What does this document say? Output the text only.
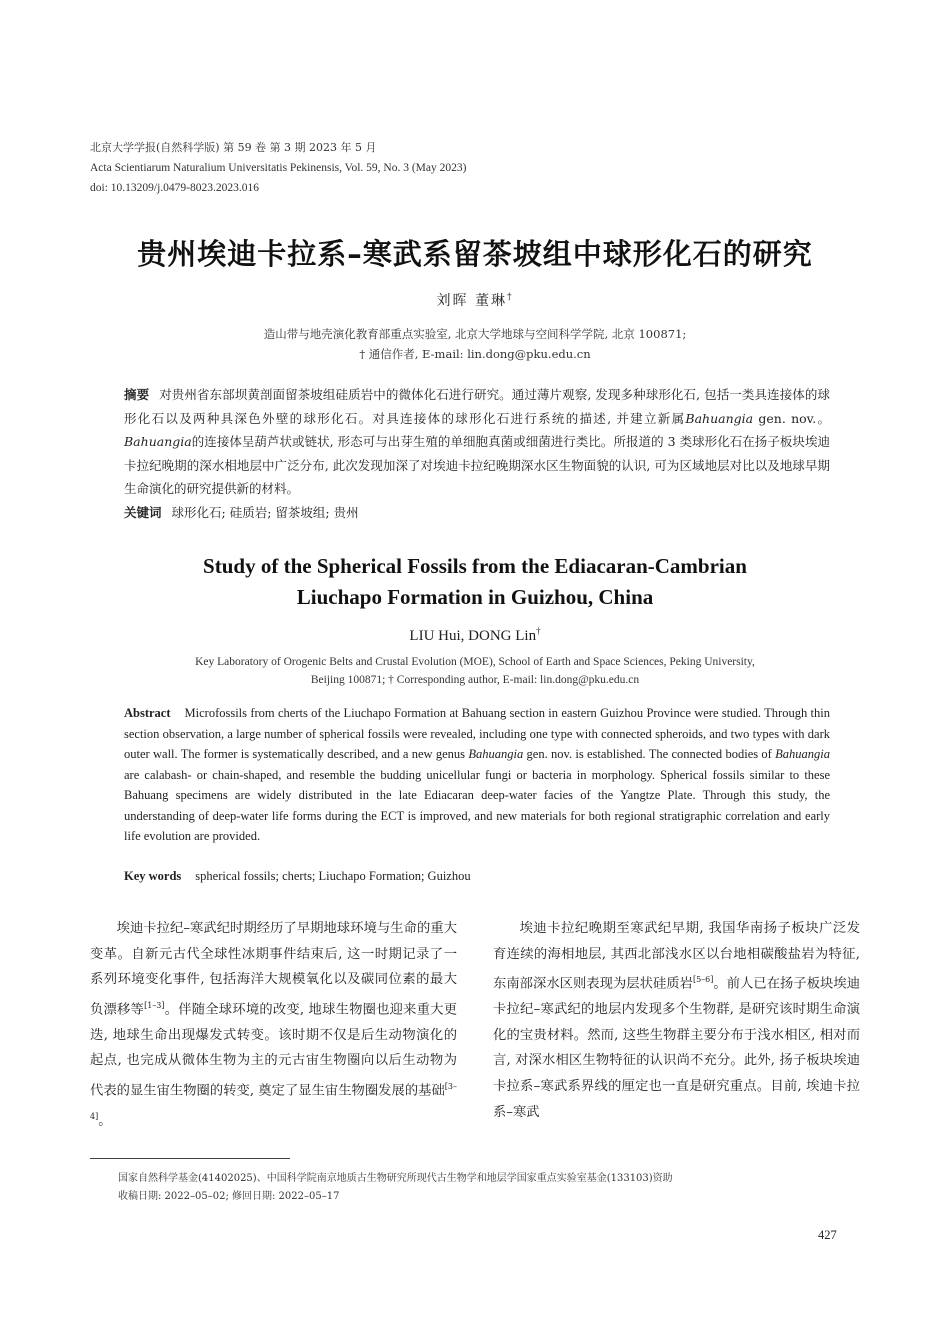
北京大学学报(自然科学版) 第 59 卷 第 3 期 2023 年 5 月
Acta Scientiarum Naturalium Universitatis Pekinensis, Vol. 59, No. 3 (May 2023)
doi: 10.13209/j.0479-8023.2023.016
贵州埃迪卡拉系–寒武系留茶坡组中球形化石的研究
刘晖 董琳†
造山带与地壳演化教育部重点实验室, 北京大学地球与空间科学学院, 北京 100871;
† 通信作者, E-mail: lin.dong@pku.edu.cn
摘要 对贵州省东部坝黄剖面留茶坡组硅质岩中的微体化石进行研究。通过薄片观察, 发现多种球形化石, 包括一类具连接体的球形化石以及两种具深色外壁的球形化石。对具连接体的球形化石进行系统的描述, 并建立新属Bahuangia gen. nov.。Bahuangia的连接体呈葫芦状或链状, 形态可与出芽生殖的单细胞真菌或细菌进行类比。所报道的 3 类球形化石在扬子板块埃迪卡拉纪晚期的深水相地层中广泛分布, 此次发现加深了对埃迪卡拉纪晚期深水区生物面貌的认识, 可为区域地层对比以及地球早期生命演化的研究提供新的材料。
关键词 球形化石; 硅质岩; 留茶坡组; 贵州
Study of the Spherical Fossils from the Ediacaran-Cambrian
Liuchapo Formation in Guizhou, China
LIU Hui, DONG Lin†
Key Laboratory of Orogenic Belts and Crustal Evolution (MOE), School of Earth and Space Sciences, Peking University,
Beijing 100871; † Corresponding author, E-mail: lin.dong@pku.edu.cn
Abstract Microfossils from cherts of the Liuchapo Formation at Bahuang section in eastern Guizhou Province were studied. Through thin section observation, a large number of spherical fossils were revealed, including one type with connected spheroids, and two types with dark outer wall. The former is systematically described, and a new genus Bahuangia gen. nov. is established. The connected bodies of Bahuangia are calabash- or chain-shaped, and resemble the budding unicellular fungi or bacteria in morphology. Spherical fossils similar to these Bahuang specimens are widely distributed in the late Ediacaran deep-water facies of the Yangtze Plate. Through this study, the understanding of deep-water life forms during the ECT is improved, and new materials for both regional stratigraphic correlation and early life evolution are provided.
Key words spherical fossils; cherts; Liuchapo Formation; Guizhou
埃迪卡拉纪–寒武纪时期经历了早期地球环境与生命的重大变革。自新元古代全球性冰期事件结束后, 这一时期记录了一系列环境变化事件, 包括海洋大规模氧化以及碳同位素的最大负漂移等[1–3]。伴随全球环境的改变, 地球生物圈也迎来重大更迭, 地球生命出现爆发式转变。该时期不仅是后生动物演化的起点, 也完成从微体生物为主的元古宙生物圈向以后生动物为代表的显生宙生物圈的转变, 奠定了显生宙生物圈发展的基础[3–4]。
埃迪卡拉纪晚期至寒武纪早期, 我国华南扬子板块广泛发育连续的海相地层, 其西北部浅水区以台地相碳酸盐岩为特征, 东南部深水区则表现为层状硅质岩[5–6]。前人已在扬子板块埃迪卡拉纪–寒武纪的地层内发现多个生物群, 是研究该时期生命演化的宝贵材料。然而, 这些生物群主要分布于浅水相区, 相对而言, 对深水相区生物特征的认识尚不充分。此外, 扬子板块埃迪卡拉系–寒武系界线的厘定也一直是研究重点。目前, 埃迪卡拉系–寒武
国家自然科学基金(41402025)、中国科学院南京地质古生物研究所现代古生物学和地层学国家重点实验室基金(133103)资助
收稿日期: 2022–05–02; 修回日期: 2022–05–17
427
